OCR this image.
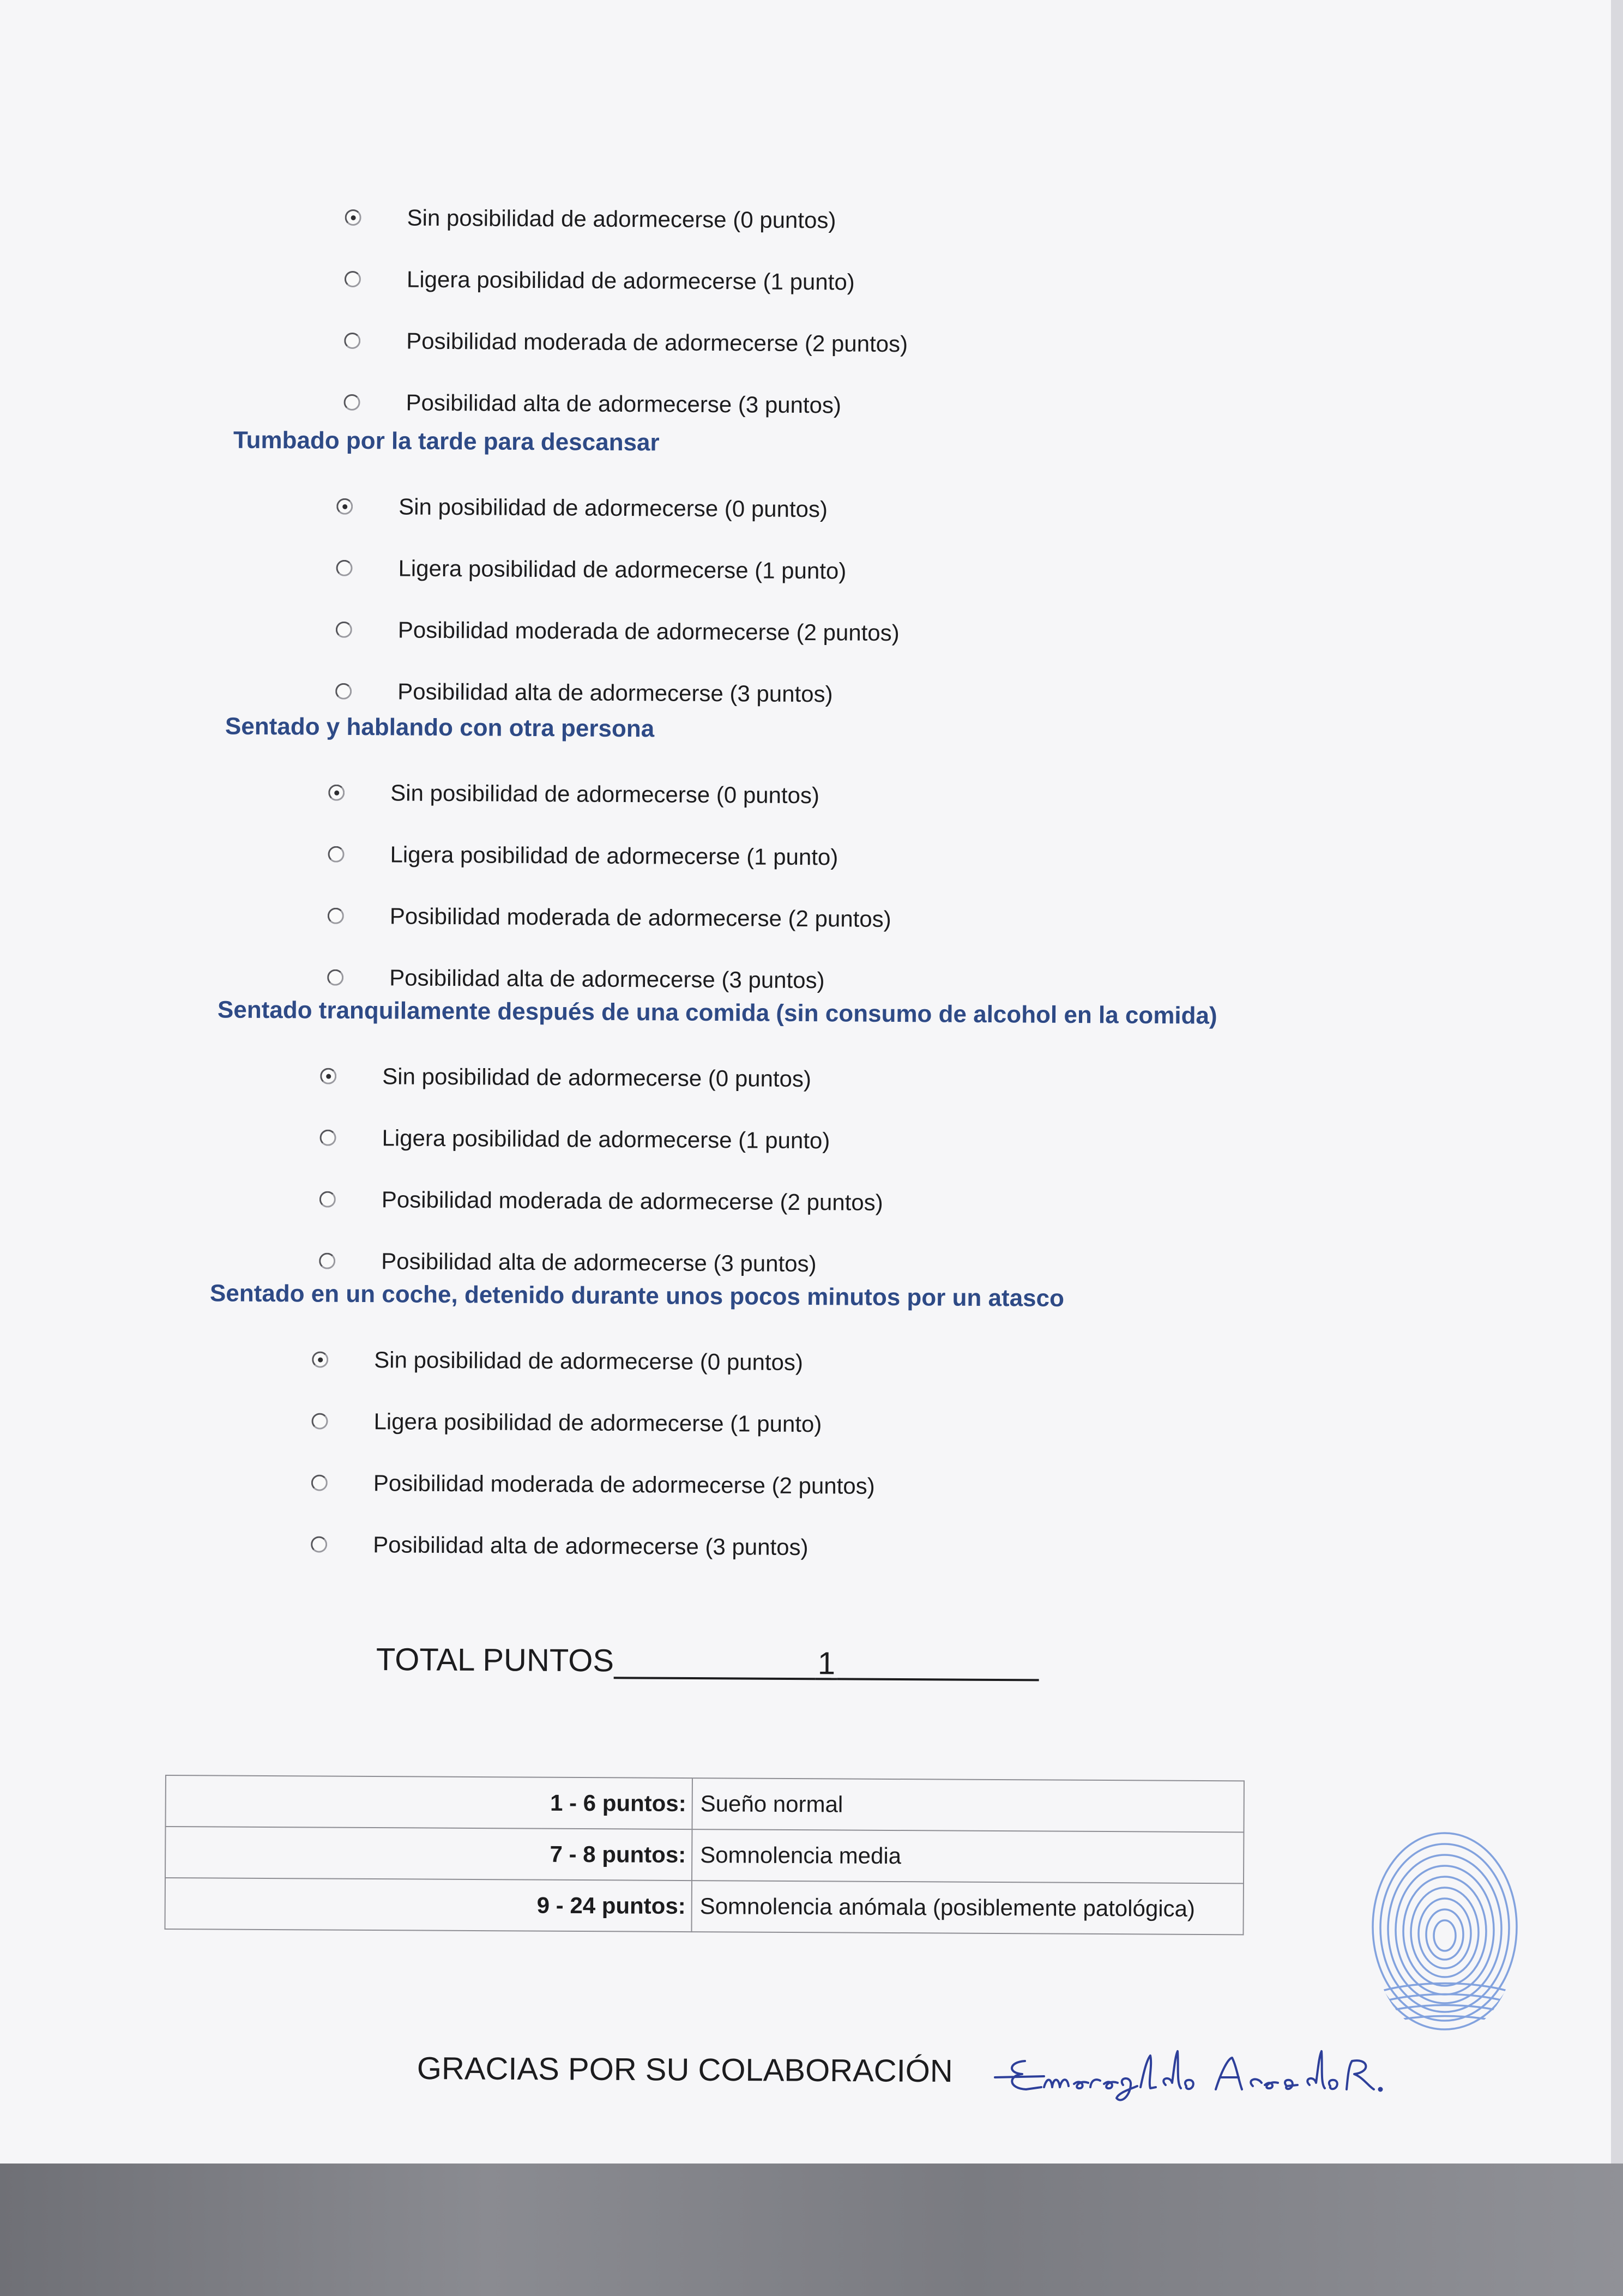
Sin posibilidad de adormecerse (0 puntos)
Ligera posibilidad de adormecerse (1 punto)
Posibilidad moderada de adormecerse (2 puntos)
Posibilidad alta de adormecerse (3 puntos)
Tumbado por la tarde para descansar
Sin posibilidad de adormecerse (0 puntos)
Ligera posibilidad de adormecerse (1 punto)
Posibilidad moderada de adormecerse (2 puntos)
Posibilidad alta de adormecerse (3 puntos)
Sentado y hablando con otra persona
Sin posibilidad de adormecerse (0 puntos)
Ligera posibilidad de adormecerse (1 punto)
Posibilidad moderada de adormecerse (2 puntos)
Posibilidad alta de adormecerse (3 puntos)
Sentado tranquilamente después de una comida (sin consumo de alcohol en la comida)
Sin posibilidad de adormecerse (0 puntos)
Ligera posibilidad de adormecerse (1 punto)
Posibilidad moderada de adormecerse (2 puntos)
Posibilidad alta de adormecerse (3 puntos)
Sentado en un coche, detenido durante unos pocos minutos por un atasco
Sin posibilidad de adormecerse (0 puntos)
Ligera posibilidad de adormecerse (1 punto)
Posibilidad moderada de adormecerse (2 puntos)
Posibilidad alta de adormecerse (3 puntos)
TOTAL PUNTOS	1
1 - 6 puntos:	Sueño normal
7 - 8 puntos:	Somnolencia media
9 - 24 puntos:	Somnolencia anómala (posiblemente patológica)
GRACIAS POR SU COLABORACIÓN
